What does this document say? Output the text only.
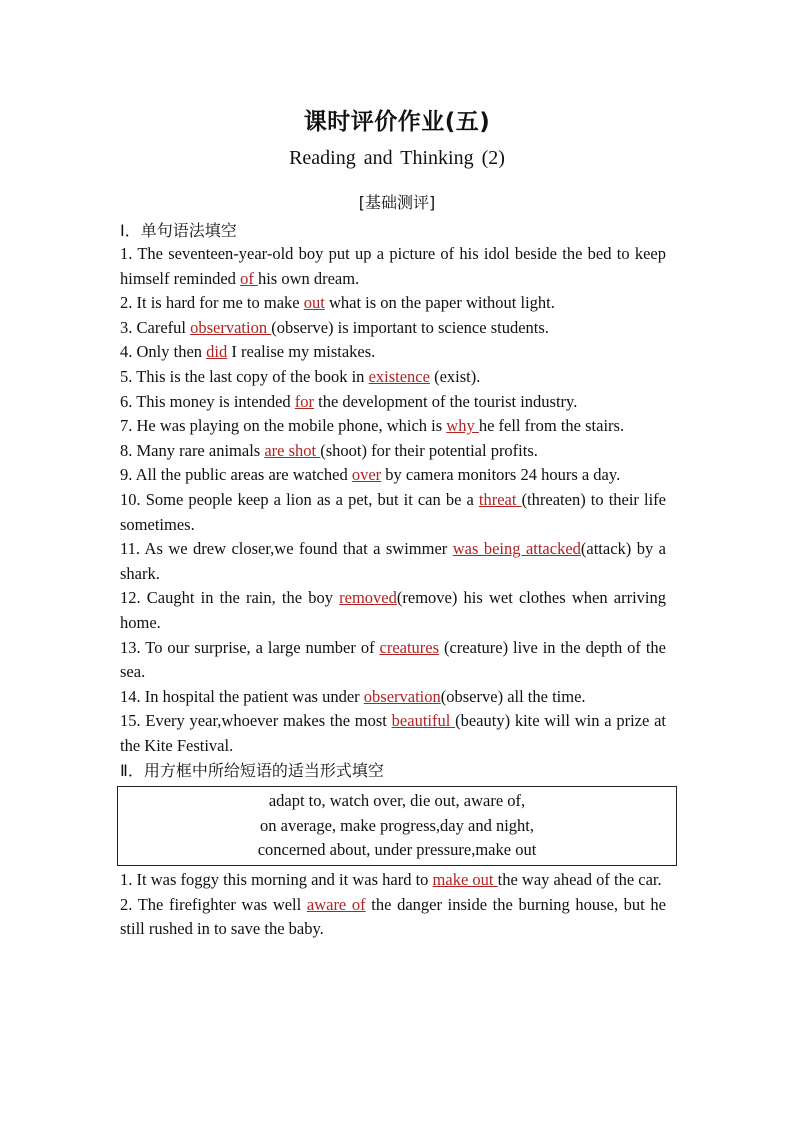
课时评价作业(五)
Reading and Thinking (2)
[基础测评]
Ⅰ．单句语法填空
1. The seventeen-year-old boy put up a picture of his idol beside the bed to keep himself reminded of his own dream.
2. It is hard for me to make out what is on the paper without light.
3. Careful observation (observe) is important to science students.
4. Only then did I realise my mistakes.
5. This is the last copy of the book in existence (exist).
6. This money is intended for the development of the tourist industry.
7. He was playing on the mobile phone, which is why he fell from the stairs.
8. Many rare animals are shot (shoot) for their potential profits.
9. All the public areas are watched over by camera monitors 24 hours a day.
10. Some people keep a lion as a pet, but it can be a threat (threaten) to their life sometimes.
11. As we drew closer,we found that a swimmer was being attacked(attack) by a shark.
12. Caught in the rain, the boy removed(remove) his wet clothes when arriving home.
13. To our surprise, a large number of creatures (creature) live in the depth of the sea.
14. In hospital the patient was under observation(observe) all the time.
15. Every year,whoever makes the most beautiful (beauty) kite will win a prize at the Kite Festival.
Ⅱ．用方框中所给短语的适当形式填空
adapt to, watch over, die out, aware of,
on average, make progress,day and night,
concerned about, under pressure,make out
1. It was foggy this morning and it was hard to make out the way ahead of the car.
2. The firefighter was well aware of the danger inside the burning house, but he still rushed in to save the baby.
